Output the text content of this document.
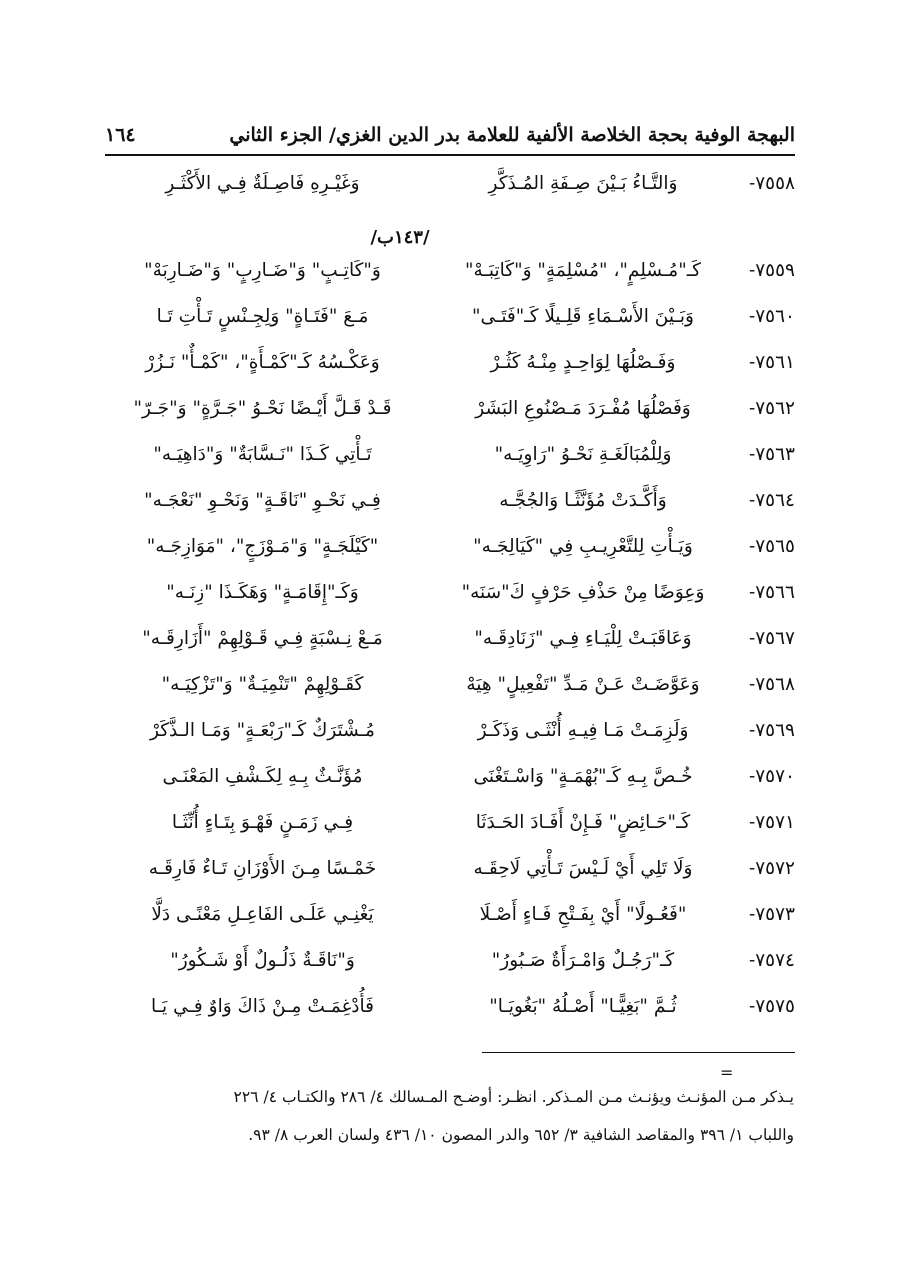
البهجة الوفية بحجة الخلاصة الألفية للعلامة بدر الدين الغزي/ الجزء الثاني
١٦٤
٧٥٥٨-
وَالتَّـاءُ بَـيْنَ صِـفَةِ المُـذَكَّرِ
وَغَيْـرِهِ فَاصِـلَةٌ فِـي الأَكْثَـرِ
/١٤٣ب/
٧٥٥٩-
كَـ"مُـسْلِمٍ"، "مُسْلِمَةٍ" وَ"كَاتِبَـهْ"
وَ"كَاتِـبٍ" وَ"ضَـارِبٍ" وَ"ضَـارِبَهْ"
٧٥٦٠-
وَبَـيْنَ الأَسْـمَاءِ قَلِـيلًا كَـ"فَتَـى"
مَـعَ "فَتَـاةٍ" وَلِجِـنْسٍ تَـأْتِ تَـا
٧٥٦١-
وَفَـصْلُهَا لِوَاحِـدٍ مِنْـهُ كَثُـرْ
وَعَكْـسُهُ كَـ"كَمْـأَةٍ"، "كَمْـأٌ" نَـزُرْ
٧٥٦٢-
وَفَصْلُهَا مُفْـرَدَ مَـصْنُوعِ البَشَرْ
قَـدْ قَـلَّ أَيْـضًا نَحْـوُ "جَـرَّةٍ" وَ"جَـرّ"
٧٥٦٣-
وَلِلْمُبَالَغَـةِ نَحْـوُ "رَاوِيَـه"
تَـأْتِي كَـذَا "نَـسَّابَةٌ" وَ"دَاهِيَـه"
٧٥٦٤-
وَأَكَّـدَتْ مُؤَنَّثًـا وَالجُجَّـه
فِـي نَحْـوِ "نَاقَـةٍ" وَنَحْـوِ "نَعْجَـه"
٧٥٦٥-
وَيَـأْتِ لِلتَّعْرِيـبِ فِي "كَيَالِجَـه"
"كَيْلَجَـةٍ" وَ"مَـوْزَجٍ"، "مَوَازِجَـه"
٧٥٦٦-
وَعِوَضًا مِنْ حَذْفِ حَرْفٍ كَ"سَنَه"
وَكَـ"إِقَامَـةٍ" وَهَكَـذَا "زِنَـه"
٧٥٦٧-
وَعَاقَبَـتْ لِلْيَـاءِ فِـي "زَنَادِقَـه"
مَـعْ نِـسْبَةٍ فِـي قَـوْلِهِمْ "أَزَارِقَـه"
٧٥٦٨-
وَعَوَّضَـتْ عَـنْ مَـدِّ "تَفْعِيلٍ" هِيَهْ
كَقَـوْلِهِمْ "تَنْمِيَـةٌ" وَ"تَزْكِيَـه"
٧٥٦٩-
وَلَزِمَـتْ مَـا فِيـهِ أُنْثَـى وَذَكَـرْ
مُـشْتَرَكٌ كَـ"رَبْعَـةٍ" وَمَـا الـذَّكَرْ
٧٥٧٠-
خُـصَّ بِـهِ كَـ"بُهْمَـةٍ" وَاسْـتَغْنَى
مُؤَنَّـثٌ بِـهِ لِكَـشْفِ المَعْنَـى
٧٥٧١-
كَـ"حَـائِضٍ" فَـإِنْ أَفَـادَ الحَـدَثَا
فِـي زَمَـنٍ فَهْـوَ بِتَـاءٍ أُنِّثَـا
٧٥٧٢-
وَلَا تَلِي أَيْ لَـيْسَ تَـأْتِي لَاحِقَـه
خَمْـسًا مِـنَ الأَوْزَانِ تَـاءٌ فَارِقَـه
٧٥٧٣-
"فَعُـولًا" أَيْ بِفَـتْحِ فَـاءٍ أَصْـلَا
يَغْنِـي عَلَـى الفَاعِـلِ مَعْنًـى دَلَّا
٧٥٧٤-
كَـ"رَجُـلٌ وَامْـرَأَةٌ صَـبُورُ"
وَ"نَاقَـةٌ ذَلُـولٌ أَوْ شَـكُورُ"
٧٥٧٥-
ثُـمَّ "بَغِيًّـا" أَصْـلُهُ "بَغُويَـا"
فَأُدْغِمَـتْ مِـنْ ذَاكَ وَاوٌ فِـي يَـا
=
يـذكر مـن المؤنـث ويؤنـث مـن المـذكر. انظـر: أوضـح المـسالك ٤/ ٢٨٦ والكتـاب ٤/ ٢٢٦
واللباب ١/ ٣٩٦ والمقاصد الشافية ٣/ ٦٥٢ والدر المصون ١٠/ ٤٣٦ ولسان العرب ٨/ ٩٣.
